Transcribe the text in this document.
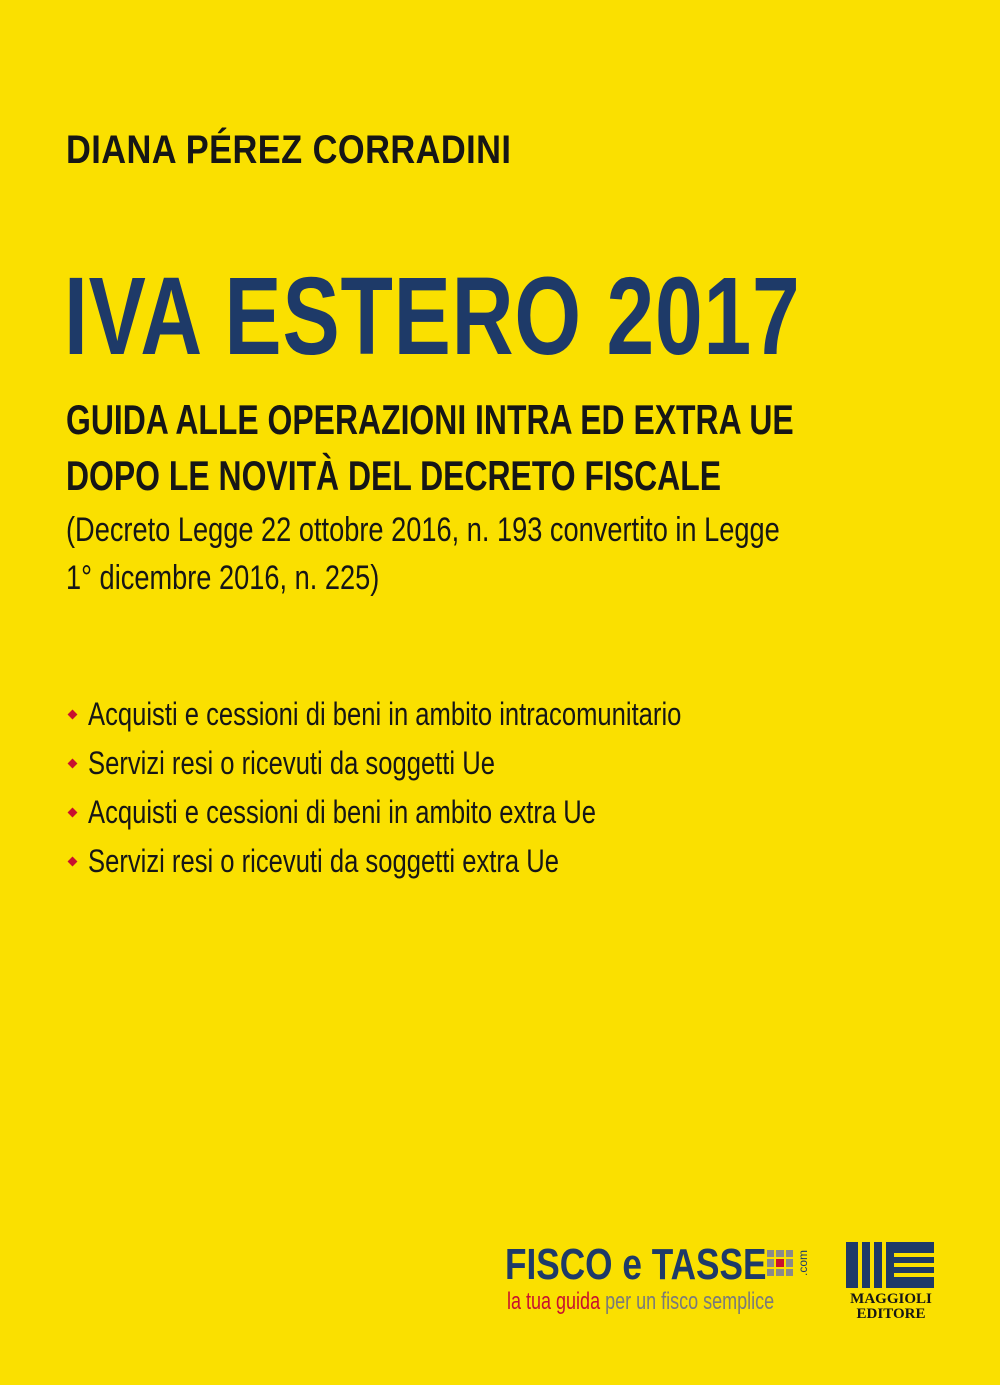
DIANA PÉREZ CORRADINI
IVA ESTERO 2017
GUIDA ALLE OPERAZIONI INTRA ED EXTRA UE
DOPO LE NOVITÀ DEL DECRETO FISCALE
(Decreto Legge 22 ottobre 2016, n. 193 convertito in Legge
1° dicembre 2016, n. 225)
Acquisti e cessioni di beni in ambito intracomunitario
Servizi resi o ricevuti da soggetti Ue
Acquisti e cessioni di beni in ambito extra Ue
Servizi resi o ricevuti da soggetti extra Ue
FISCO e TASSE .com
la tua guida per un fisco semplice	MAGGIOLI
EDITORE
